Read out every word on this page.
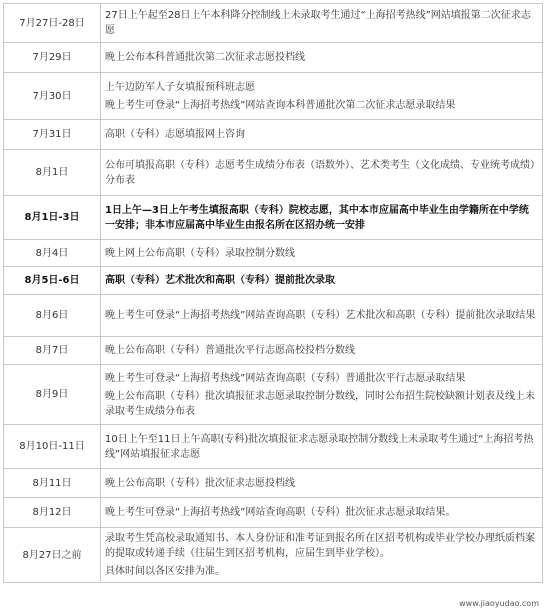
7月27日-28日	27日上午起至28日上午本科降分控制线上未录取考生通过“上海招考热线”网站填报第二次征求志愿

7月29日	晚上公布本科普通批次第二次征求志愿投档线

7月30日	上午边防军人子女填报预科班志愿

晚上考生可登录“上海招考热线”网站查询本科普通批次第二次征求志愿录取结果

7月31日	高职（专科）志愿填报网上咨询

8月1日	公布可填报高职（专科）志愿考生成绩分布表（语数外）、艺术类考生（文化成绩、专业统考成绩）分布表

8月1日-3日	1日上午—3日上午考生填报高职（专科）院校志愿，其中本市应届高中毕业生由学籍所在中学统一安排；非本市应届高中毕业生由报名所在区招办统一安排

8月4日	晚上网上公布高职（专科）录取控制分数线

8月5日-6日	高职（专科）艺术批次和高职（专科）提前批次录取

8月6日	晚上考生可登录“上海招考热线”网站查询高职（专科）艺术批次和高职（专科）提前批次录取结果

8月7日	晚上公布高职（专科）普通批次平行志愿高校投档分数线

8月9日	晚上考生可登录“上海招考热线”网站查询高职（专科）普通批次平行志愿录取结果

晚上公布高职（专科）批次填报征求志愿录取控制分数线，同时公布招生院校缺额计划表及线上未录取考生成绩分布表

8月10日-11日	10日上午至11日上午高职(专科)批次填报征求志愿录取控制分数线上未录取考生通过“上海招考热线”网站填报征求志愿

8月11日	晚上公布高职（专科）批次征求志愿投档线

8月12日	晚上考生可登录“上海招考热线”网站查询高职（专科）批次征求志愿录取结果。

8月27日之前	录取考生凭高校录取通知书、本人身份证和准考证到报名所在区招考机构或毕业学校办理纸质档案的提取或转递手续（往届生到区招考机构，应届生到毕业学校）。

具体时间以各区安排为准。

www.jiaoyudao.com
